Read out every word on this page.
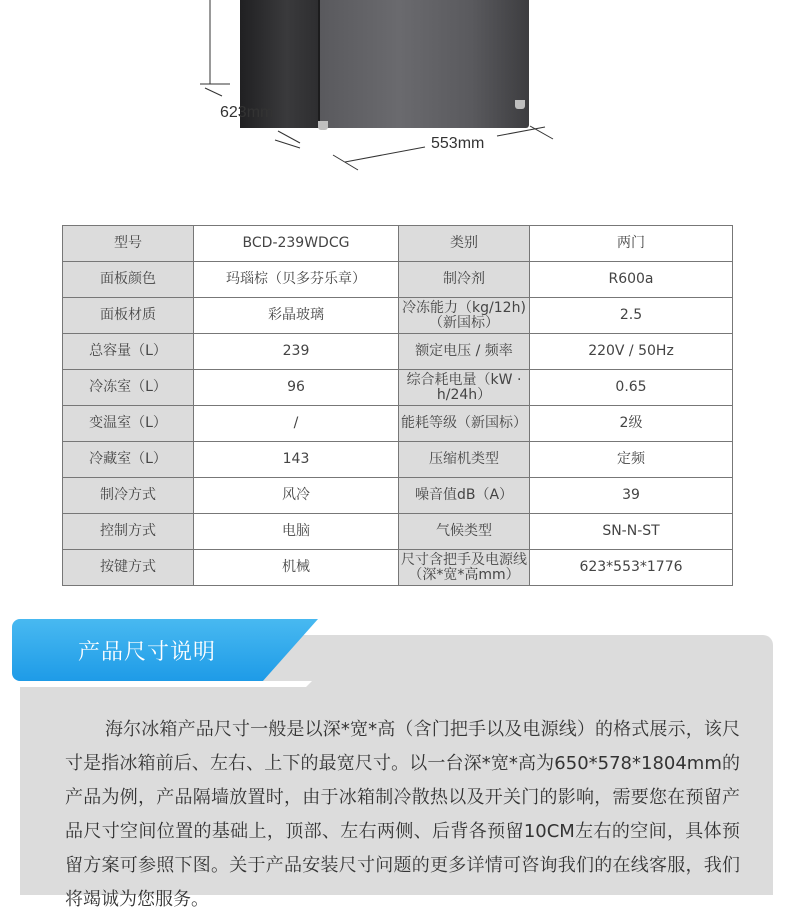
623mm
553mm
型号	BCD-239WDCG	类别	两门
面板颜色	玛瑙棕（贝多芬乐章）	制冷剂	R600a
面板材质	彩晶玻璃	冷冻能力（kg/12h)（新国标）	2.5
总容量（L）	239	额定电压 / 频率	220V / 50Hz
冷冻室（L）	96	综合耗电量（kW · h/24h）	0.65
变温室（L）	/	能耗等级（新国标）	2级
冷藏室（L）	143	压缩机类型	定频
制冷方式	风冷	噪音值dB（A）	39
控制方式	电脑	气候类型	SN-N-ST
按键方式	机械	尺寸含把手及电源线（深*宽*高mm）	623*553*1776
产品尺寸说明
海尔冰箱产品尺寸一般是以深*宽*高（含门把手以及电源线）的格式展示，该尺寸是指冰箱前后、左右、上下的最宽尺寸。以一台深*宽*高为650*578*1804mm的产品为例，产品隔墙放置时，由于冰箱制冷散热以及开关门的影响，需要您在预留产品尺寸空间位置的基础上，顶部、左右两侧、后背各预留10CM左右的空间，具体预留方案可参照下图。关于产品安装尺寸问题的更多详情可咨询我们的在线客服，我们将竭诚为您服务。
